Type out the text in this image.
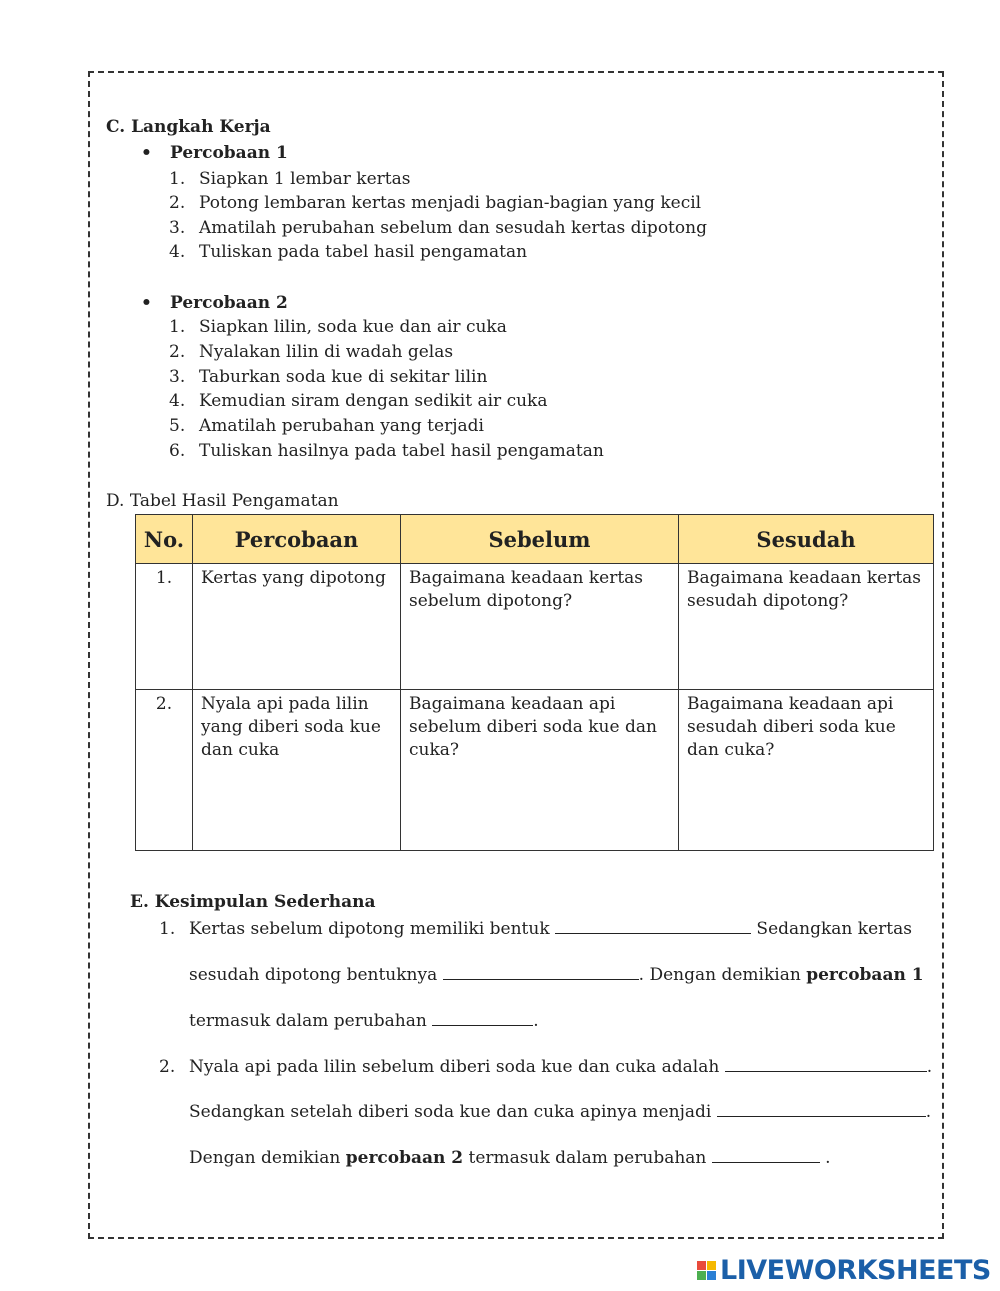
C. Langkah Kerja
• Percobaan 1
1. Siapkan 1 lembar kertas
2. Potong lembaran kertas menjadi bagian-bagian yang kecil
3. Amatilah perubahan sebelum dan sesudah kertas dipotong
4. Tuliskan pada tabel hasil pengamatan
• Percobaan 2
1. Siapkan lilin, soda kue dan air cuka
2. Nyalakan lilin di wadah gelas
3. Taburkan soda kue di sekitar lilin
4. Kemudian siram dengan sedikit air cuka
5. Amatilah perubahan yang terjadi
6. Tuliskan hasilnya pada tabel hasil pengamatan
D. Tabel Hasil Pengamatan
No.	Percobaan	Sebelum	Sesudah
1.	Kertas yang dipotong	Bagaimana keadaan kertas sebelum dipotong?	Bagaimana keadaan kertas sesudah dipotong?
2.	Nyala api pada lilin yang diberi soda kue dan cuka	Bagaimana keadaan api sebelum diberi soda kue dan cuka?	Bagaimana keadaan api sesudah diberi soda kue dan cuka?
E. Kesimpulan Sederhana
1. Kertas sebelum dipotong memiliki bentuk	Sedangkan kertas
sesudah dipotong bentuknya	. Dengan demikian percobaan 1
termasuk dalam perubahan	.
2. Nyala api pada lilin sebelum diberi soda kue dan cuka adalah	.
Sedangkan setelah diberi soda kue dan cuka apinya menjadi	.
Dengan demikian percobaan 2 termasuk dalam perubahan	.
LIVEWORKSHEETS
